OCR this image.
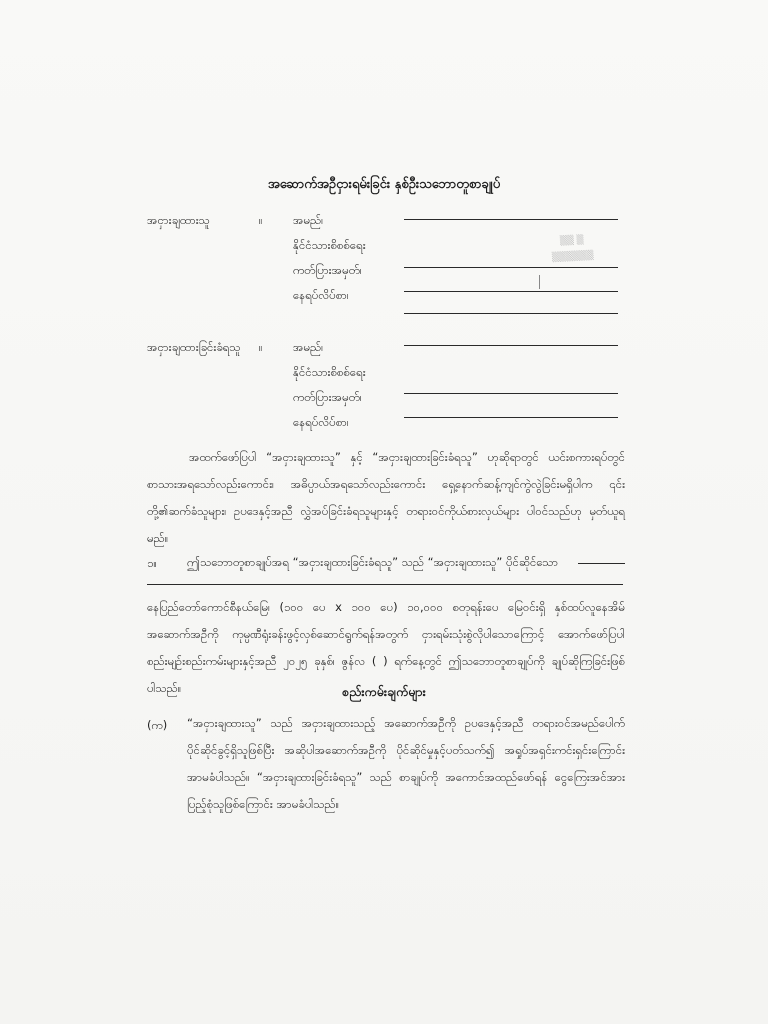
အဆောက်အဦငှားရမ်းခြင်း နှစ်ဦးသဘောတူစာချုပ်
အငှားချထားသူ	။	အမည်၊
နိုင်ငံသားစိစစ်ရေး
ကတ်ပြားအမှတ်၊
နေရပ်လိပ်စာ၊
▒▒ ▒
▒▒▒▒▒▒
အငှားချထားခြင်းခံရသူ ။	အမည်၊
နိုင်ငံသားစိစစ်ရေး
ကတ်ပြားအမှတ်၊
နေရပ်လိပ်စာ၊

အထက်ဖော်ပြပါ “အငှားချထားသူ” နှင့် “အငှားချထားခြင်းခံရသူ” ဟုဆိုရာတွင် ယင်းစကားရပ်တွင် စာသားအရသော်လည်းကောင်း၊ အဓိပ္ပာယ်အရသော်လည်းကောင်း ရှေ့နောက်ဆန့်ကျင်ကွဲလွဲခြင်းမရှိပါက ၎င်းတို့၏ဆက်ခံသူများ၊ ဥပဒေနှင့်အညီ လွှဲအပ်ခြင်းခံရသူများနှင့် တရားဝင်ကိုယ်စားလှယ်များ ပါဝင်သည်ဟု မှတ်ယူရမည်။

၁။	ဤသဘောတူစာချုပ်အရ “အငှားချထားခြင်းခံရသူ” သည် “အငှားချထားသူ” ပိုင်ဆိုင်သော

နေပြည်တော်ကောင်စီနယ်မြေ၊ (၁၀၀ ပေ x ၁၀၀ ပေ) ၁၀,၀၀၀ စတုရန်းပေ မြေဝင်းရှိ နှစ်ထပ်လူနေအိမ်အဆောက်အဦကို ကုမ္ပဏီရုံးခန်းဖွင့်လှစ်ဆောင်ရွက်ရန်အတွက် ငှားရမ်းသုံးစွဲလိုပါသောကြောင့် အောက်ဖော်ပြပါ စည်းမျဉ်းစည်းကမ်းများနှင့်အညီ ၂၀၂၅ ခုနှစ်၊ ဇွန်လ ( ) ရက်နေ့တွင် ဤသဘောတူစာချုပ်ကို ချုပ်ဆိုကြခြင်းဖြစ်ပါသည်။	စည်းကမ်းချက်များ
(က) “အငှားချထားသူ” သည် အငှားချထားသည့် အဆောက်အဦကို ဥပဒေနှင့်အညီ တရားဝင်အမည်ပေါက်ပိုင်ဆိုင်ခွင့်ရှိသူဖြစ်ပြီး အဆိုပါအဆောက်အဦကို ပိုင်ဆိုင်မှုနှင့်ပတ်သက်၍ အရှုပ်အရှင်းကင်းရှင်းကြောင်း အာမခံပါသည်။ “အငှားချထားခြင်းခံရသူ” သည် စာချုပ်ကို အကောင်အထည်ဖော်ရန် ငွေကြေးအင်အား ပြည့်စုံသူဖြစ်ကြောင်း အာမခံပါသည်။
